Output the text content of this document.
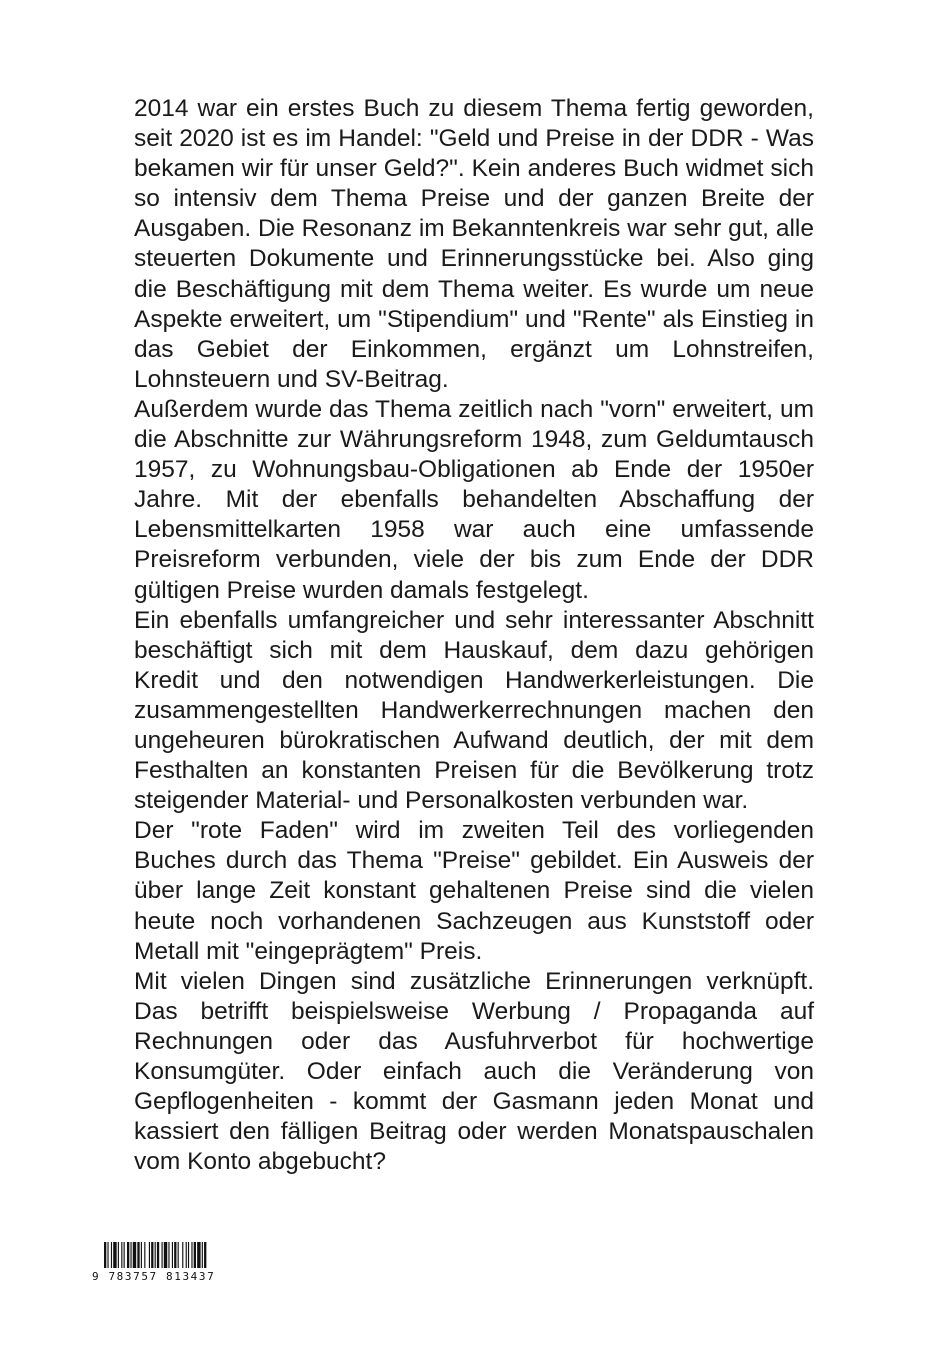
2014 war ein erstes Buch zu diesem Thema fertig geworden, seit 2020 ist es im Handel: "Geld und Preise in der DDR - Was bekamen wir für unser Geld?". Kein anderes Buch widmet sich so intensiv dem Thema Preise und der ganzen Breite der Ausgaben. Die Resonanz im Bekanntenkreis war sehr gut, alle steuerten Dokumente und Erinnerungsstücke bei. Also ging die Beschäftigung mit dem Thema weiter. Es wurde um neue Aspekte erweitert, um "Stipendium" und "Rente" als Einstieg in das Gebiet der Einkommen, ergänzt um Lohnstreifen, Lohnsteuern und SV-Beitrag.

Außerdem wurde das Thema zeitlich nach "vorn" erweitert, um die Abschnitte zur Währungsreform 1948, zum Geldumtausch 1957, zu Wohnungsbau-Obligationen ab Ende der 1950er Jahre. Mit der ebenfalls behandelten Abschaffung der Lebensmittelkarten 1958 war auch eine umfassende Preisreform verbunden, viele der bis zum Ende der DDR gültigen Preise wurden damals festgelegt.

Ein ebenfalls umfangreicher und sehr interessanter Abschnitt beschäftigt sich mit dem Hauskauf, dem dazu gehörigen Kredit und den notwendigen Handwerkerleistungen. Die zusammengestellten Handwerkerrechnungen machen den ungeheuren bürokratischen Aufwand deutlich, der mit dem Festhalten an konstanten Preisen für die Bevölkerung trotz steigender Material- und Personalkosten verbunden war.

Der "rote Faden" wird im zweiten Teil des vorliegenden Buches durch das Thema "Preise" gebildet. Ein Ausweis der über lange Zeit konstant gehaltenen Preise sind die vielen heute noch vorhandenen Sachzeugen aus Kunststoff oder Metall mit "eingeprägtem" Preis.

Mit vielen Dingen sind zusätzliche Erinnerungen verknüpft. Das betrifft beispielsweise Werbung / Propaganda auf Rechnungen oder das Ausfuhrverbot für hochwertige Konsumgüter. Oder einfach auch die Veränderung von Gepflogenheiten - kommt der Gasmann jeden Monat und kassiert den fälligen Beitrag oder werden Monatspauschalen vom Konto abgebucht?

9 783757 813437
